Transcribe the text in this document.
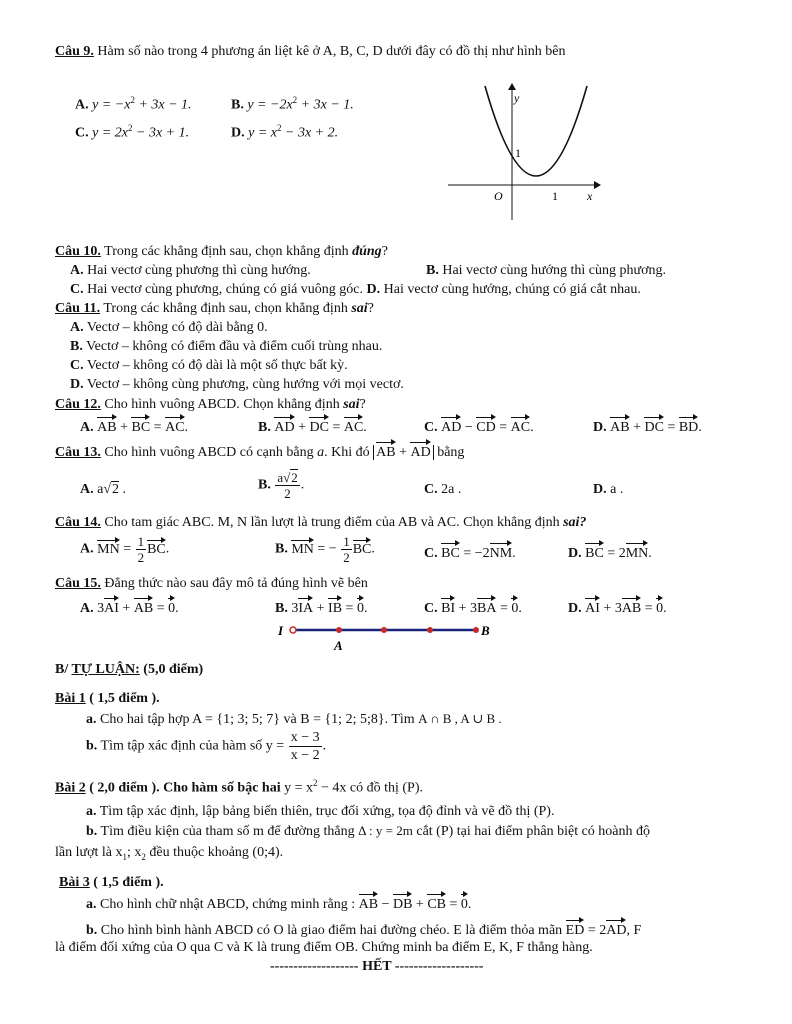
Câu 9. Hàm số nào trong 4 phương án liệt kê ở A, B, C, D dưới đây có đồ thị như hình bên
A. $y = -x^2 + 3x - 1$.	B. $y = -2x^2 + 3x - 1$.
C. $y = 2x^2 - 3x + 1$.	D. $y = x^2 - 3x + 2$.
y
x
O
1
1
Câu 10. Trong các khẳng định sau, chọn khẳng định đúng?
A. Hai vectơ cùng phương thì cùng hướng.	B. Hai vectơ cùng hướng thì cùng phương.
C. Hai vectơ cùng phương, chúng có giá vuông góc. D. Hai vectơ cùng hướng, chúng có giá cắt nhau.
Câu 11. Trong các khẳng định sau, chọn khẳng định sai?
A. Vectơ – không có độ dài bằng 0.
B. Vectơ – không có điểm đầu và điểm cuối trùng nhau.
C. Vectơ – không có độ dài là một số thực bất kỳ.
D. Vectơ – không cùng phương, cùng hướng với mọi vectơ.
Câu 12. Cho hình vuông ABCD. Chọn khẳng định sai?
A. AB + BC = AC.	B. AD + DC = AC.	C. AD − CD = AC.	D. AB + DC = BD.
Câu 13. Cho hình vuông ABCD có cạnh bằng a. Khi đó AB + AD bằng
A. a√2 .	B. $\frac{a√2}{2}$ .	C. 2a .	D. a .
Câu 14. Cho tam giác ABC. M, N lần lượt là trung điểm của AB và AC. Chọn khẳng định sai?
A. MN = $\frac{1}{2}$ BC.	B. MN = − $\frac{1}{2}$ BC.	C. BC = −2NM.	D. BC = 2MN.
Câu 15. Đẳng thức nào sau đây mô tả đúng hình vẽ bên
A. 3AI + AB = 0.	B. 3IA + IB = 0.	C. BI + 3BA = 0.	D. AI + 3AB = 0.
I	B
A
B/ TỰ LUẬN: (5,0 điểm)
Bài 1 ( 1,5 điểm ).
a. Cho hai tập hợp A = {1; 3; 5; 7} và B = {1; 2; 5;8}. Tìm A ∩ B , A ∪ B .
b. Tìm tập xác định của hàm số $y = \frac{x - 3}{x - 2}$ .
Bài 2 ( 2,0 điểm ). Cho hàm số bậc hai $y = x^2 - 4x$ có đồ thị (P).
a. Tìm tập xác định, lập bảng biến thiên, trục đối xứng, tọa độ đỉnh và vẽ đồ thị (P).
b. Tìm điều kiện của tham số m để đường thẳng Δ : y = 2m cắt (P) tại hai điểm phân biệt có hoành độ
lần lượt là $x_1$; $x_2$ đều thuộc khoảng (0;4).
Bài 3 ( 1,5 điểm ).
a. Cho hình chữ nhật ABCD, chứng minh rằng : AB − DB + CB = 0.
b. Cho hình bình hành ABCD có O là giao điểm hai đường chéo. E là điểm thỏa mãn ED = 2AD, F
là điểm đối xứng của O qua C và K là trung điểm OB. Chứng minh ba điểm E, K, F thẳng hàng.
------------------- HẾT -------------------
